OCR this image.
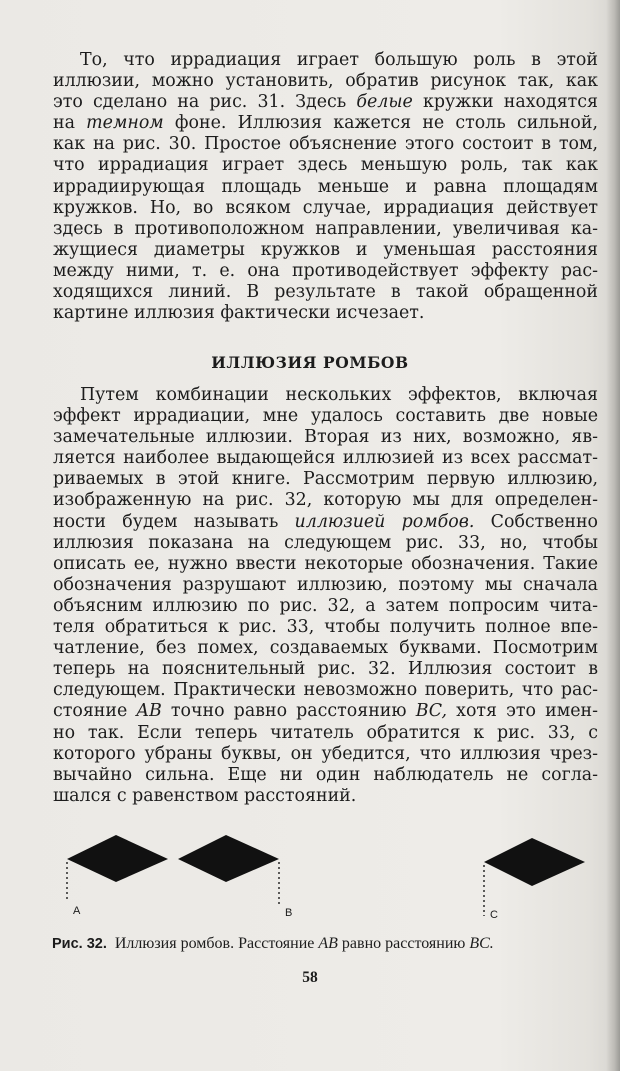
То, что иррадиация играет большую роль в этой
иллюзии, можно установить, обратив рисунок так, как
это сделано на рис. 31. Здесь белые кружки находятся
на темном фоне. Иллюзия кажется не столь сильной,
как на рис. 30. Простое объяснение этого состоит в том,
что иррадиация играет здесь меньшую роль, так как
иррадиирующая площадь меньше и равна площадям
кружков. Но, во всяком случае, иррадиация действует
здесь в противоположном направлении, увеличивая ка-
жущиеся диаметры кружков и уменьшая расстояния
между ними, т. е. она противодействует эффекту рас-
ходящихся линий. В результате в такой обращенной
картине иллюзия фактически исчезает.
ИЛЛЮЗИЯ РОМБОВ
Путем комбинации нескольких эффектов, включая
эффект иррадиации, мне удалось составить две новые
замечательные иллюзии. Вторая из них, возможно, яв-
ляется наиболее выдающейся иллюзией из всех рассмат-
риваемых в этой книге. Рассмотрим первую иллюзию,
изображенную на рис. 32, которую мы для определен-
ности будем называть иллюзией ромбов. Собственно
иллюзия показана на следующем рис. 33, но, чтобы
описать ее, нужно ввести некоторые обозначения. Такие
обозначения разрушают иллюзию, поэтому мы сначала
объясним иллюзию по рис. 32, а затем попросим чита-
теля обратиться к рис. 33, чтобы получить полное впе-
чатление, без помех, создаваемых буквами. Посмотрим
теперь на пояснительный рис. 32. Иллюзия состоит в
следующем. Практически невозможно поверить, что рас-
стояние AB точно равно расстоянию BC, хотя это имен-
но так. Если теперь читатель обратится к рис. 33, с
которого убраны буквы, он убедится, что иллюзия чрез-
вычайно сильна. Еще ни один наблюдатель не согла-
шался с равенством расстояний.
A	B	C
Рис. 32. Иллюзия ромбов. Расстояние AB равно расстоянию BC.
58
